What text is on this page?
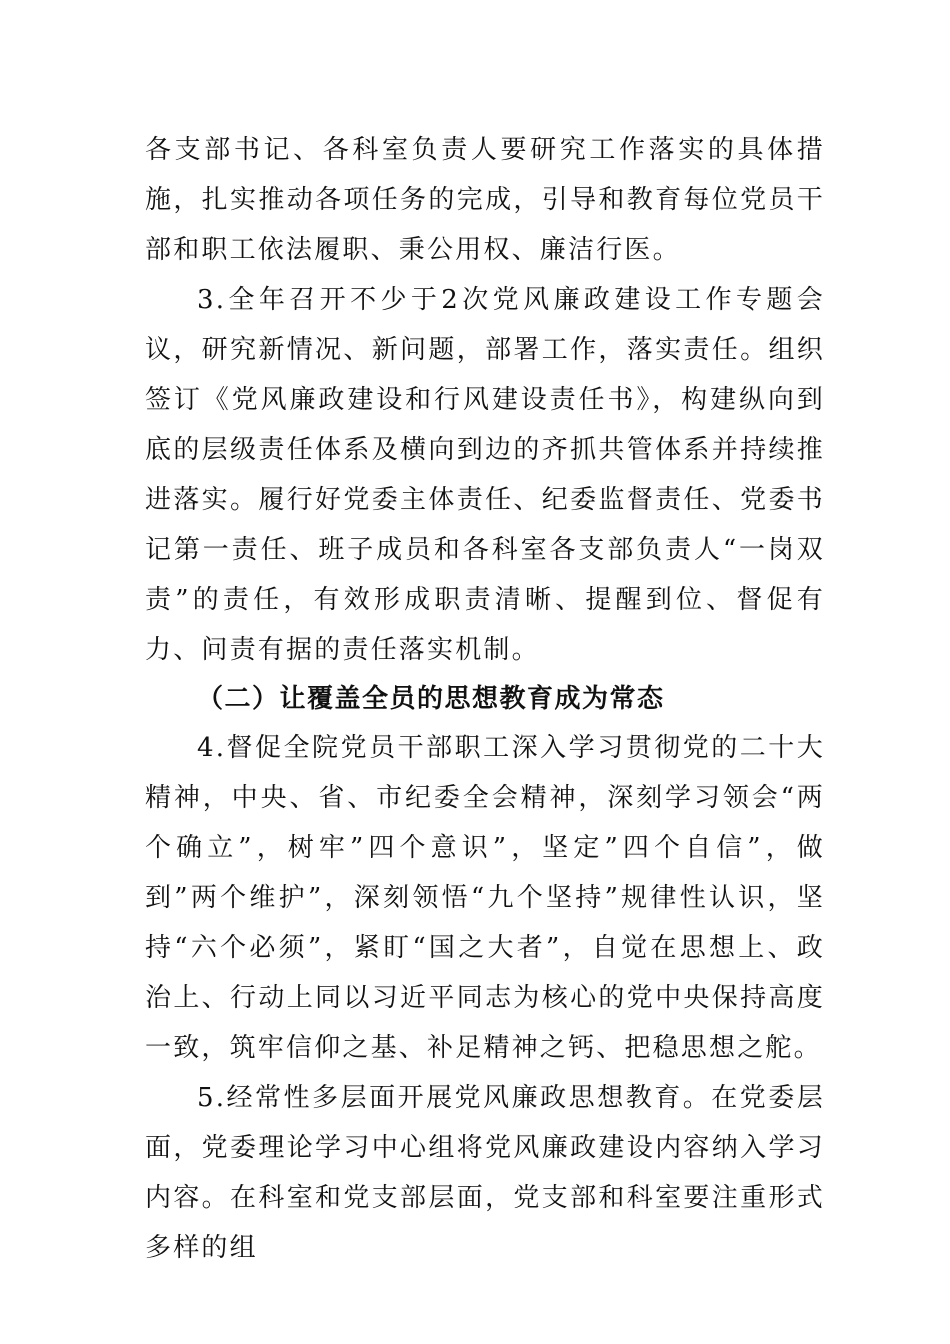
各支部书记、各科室负责人要研究工作落实的具体措施，扎实推动各项任务的完成，引导和教育每位党员干部和职工依法履职、秉公用权、廉洁行医。

3.全年召开不少于2次党风廉政建设工作专题会议，研究新情况、新问题，部署工作，落实责任。组织签订《党风廉政建设和行风建设责任书》，构建纵向到底的层级责任体系及横向到边的齐抓共管体系并持续推进落实。履行好党委主体责任、纪委监督责任、党委书记第一责任、班子成员和各科室各支部负责人“一岗双责”的责任，有效形成职责清晰、提醒到位、督促有力、问责有据的责任落实机制。

（二）让覆盖全员的思想教育成为常态

4.督促全院党员干部职工深入学习贯彻党的二十大精神，中央、省、市纪委全会精神，深刻学习领会“两个确立”，树牢”四个意识”，坚定”四个自信”，做到”两个维护”，深刻领悟“九个坚持”规律性认识，坚持“六个必须”，紧盯“国之大者”，自觉在思想上、政治上、行动上同以习近平同志为核心的党中央保持高度一致，筑牢信仰之基、补足精神之钙、把稳思想之舵。

5.经常性多层面开展党风廉政思想教育。在党委层面，党委理论学习中心组将党风廉政建设内容纳入学习内容。在科室和党支部层面，党支部和科室要注重形式多样的组
